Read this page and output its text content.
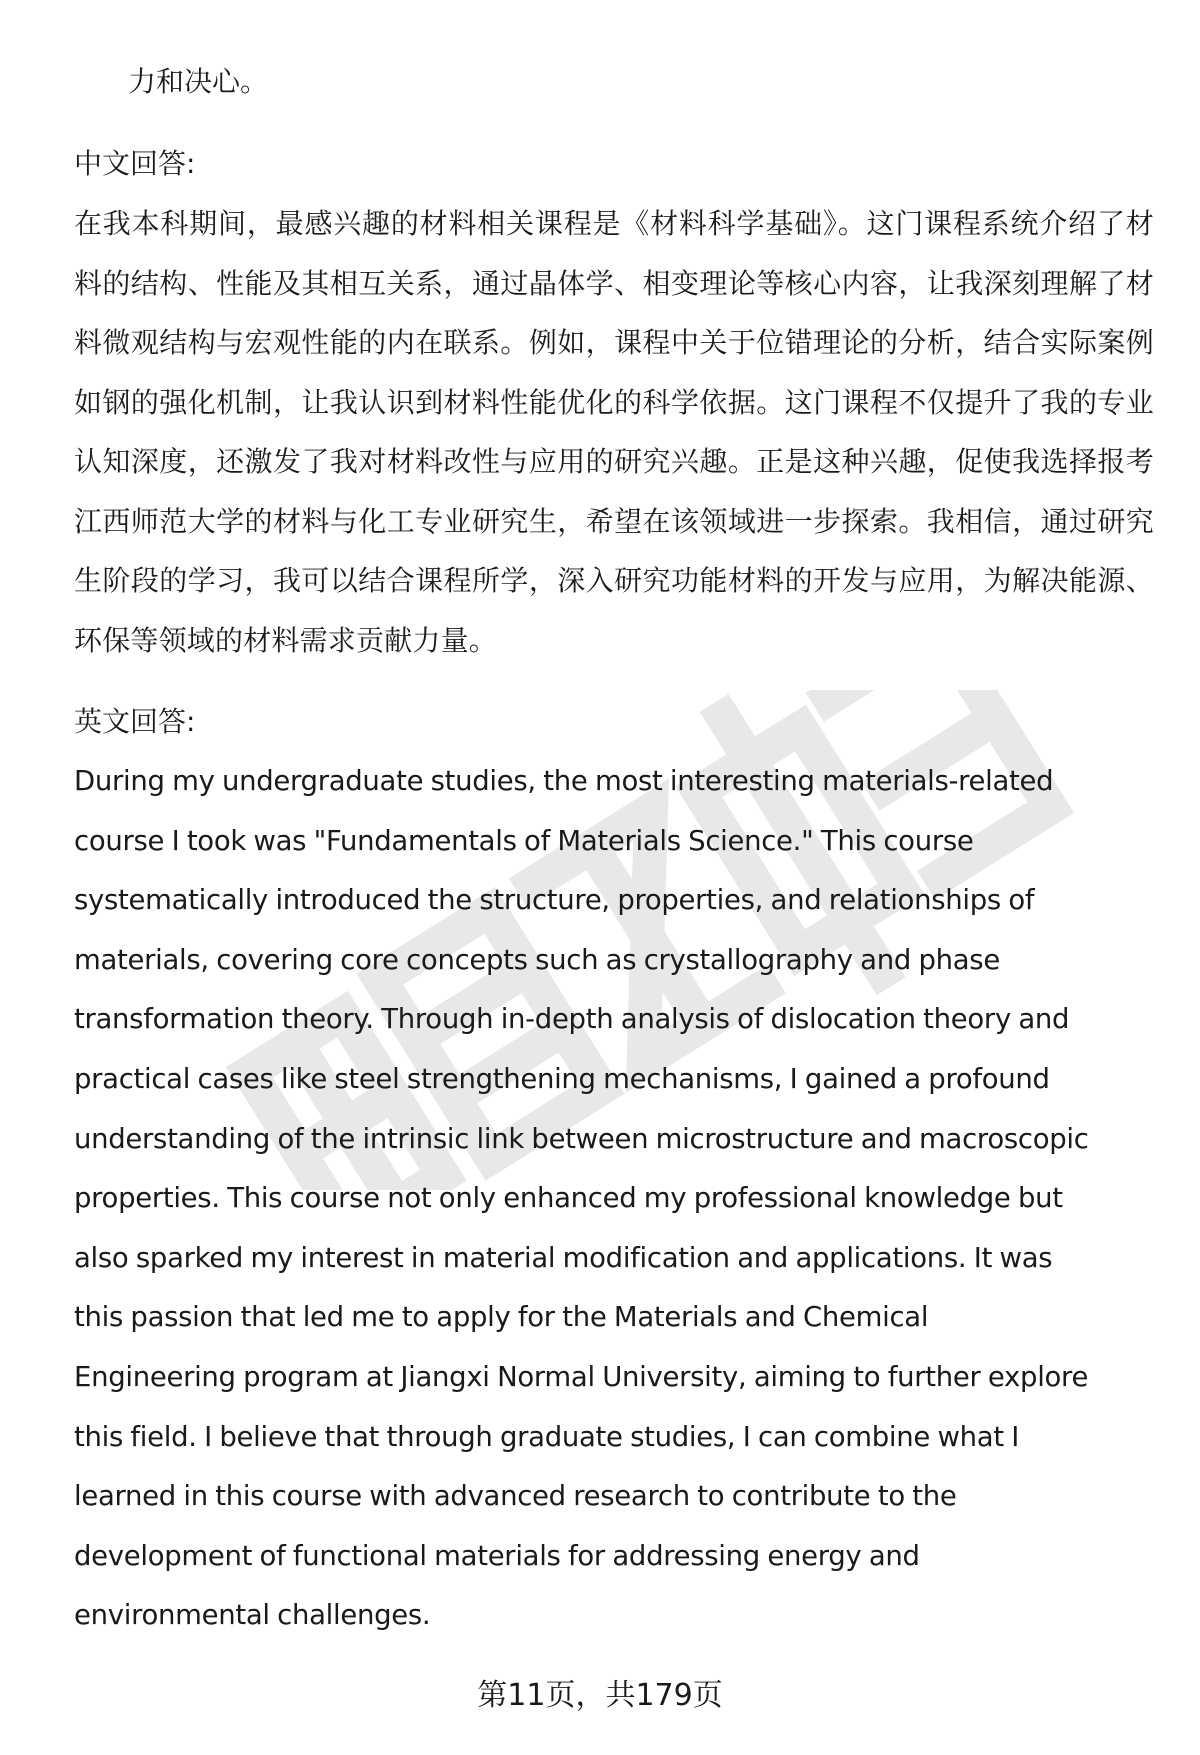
力和决心。

中文回答:

在我本科期间，最感兴趣的材料相关课程是《材料科学基础》。这门课程系统介绍了材料的结构、性能及其相互关系，通过晶体学、相变理论等核心内容，让我深刻理解了材料微观结构与宏观性能的内在联系。例如，课程中关于位错理论的分析，结合实际案例如钢的强化机制，让我认识到材料性能优化的科学依据。这门课程不仅提升了我的专业认知深度，还激发了我对材料改性与应用的研究兴趣。正是这种兴趣，促使我选择报考江西师范大学的材料与化工专业研究生，希望在该领域进一步探索。我相信，通过研究生阶段的学习，我可以结合课程所学，深入研究功能材料的开发与应用，为解决能源、环保等领域的材料需求贡献力量。

英文回答:

During my undergraduate studies, the most interesting materials-related
course I took was "Fundamentals of Materials Science." This course
systematically introduced the structure, properties, and relationships of
materials, covering core concepts such as crystallography and phase
transformation theory. Through in-depth analysis of dislocation theory and
practical cases like steel strengthening mechanisms, I gained a profound
understanding of the intrinsic link between microstructure and macroscopic
properties. This course not only enhanced my professional knowledge but
also sparked my interest in material modification and applications. It was
this passion that led me to apply for the Materials and Chemical
Engineering program at Jiangxi Normal University, aiming to further explore
this field. I believe that through graduate studies, I can combine what I
learned in this course with advanced research to contribute to the
development of functional materials for addressing energy and
environmental challenges.
第11页，共179页
